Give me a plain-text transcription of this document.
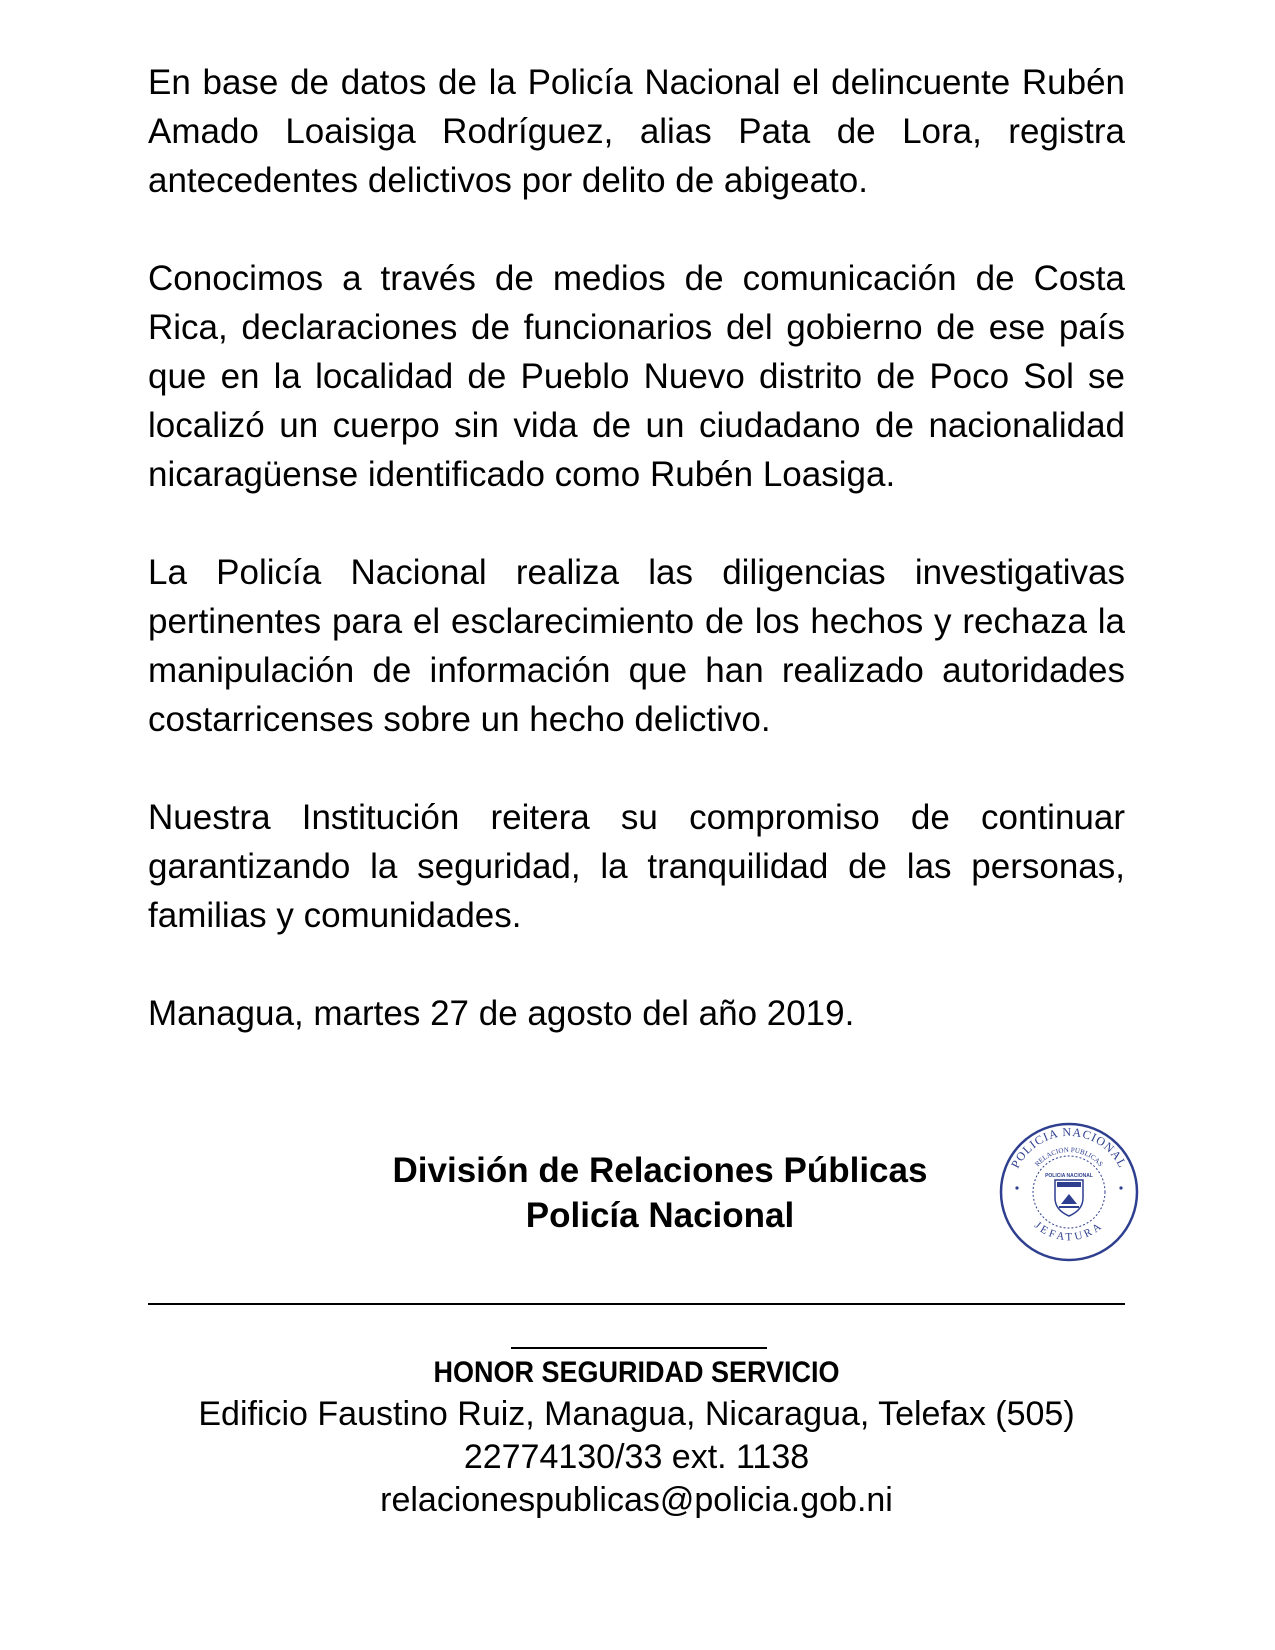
En base de datos de la Policía Nacional el delincuente Rubén Amado Loaisiga Rodríguez, alias Pata de Lora, registra antecedentes delictivos por delito de abigeato.

Conocimos a través de medios de comunicación de Costa Rica, declaraciones de funcionarios del gobierno de ese país que en la localidad de Pueblo Nuevo distrito de Poco Sol se localizó un cuerpo sin vida de un ciudadano de nacionalidad nicaragüense identificado como Rubén Loasiga.

La Policía Nacional realiza las diligencias investigativas pertinentes para el esclarecimiento de los hechos y rechaza la manipulación de información que han realizado autoridades costarricenses sobre un hecho delictivo.

Nuestra Institución reitera su compromiso de continuar garantizando la seguridad, la tranquilidad de las personas, familias y comunidades.

Managua, martes 27 de agosto del año 2019.

División de Relaciones Públicas
Policía Nacional
POLICIA NACIONAL
RELACION PUBLICAS
JEFATURA
POLICIA NACIONAL
HONOR SEGURIDAD SERVICIO
Edificio Faustino Ruiz, Managua, Nicaragua, Telefax (505)
22774130/33 ext. 1138
relacionespublicas@policia.gob.ni
